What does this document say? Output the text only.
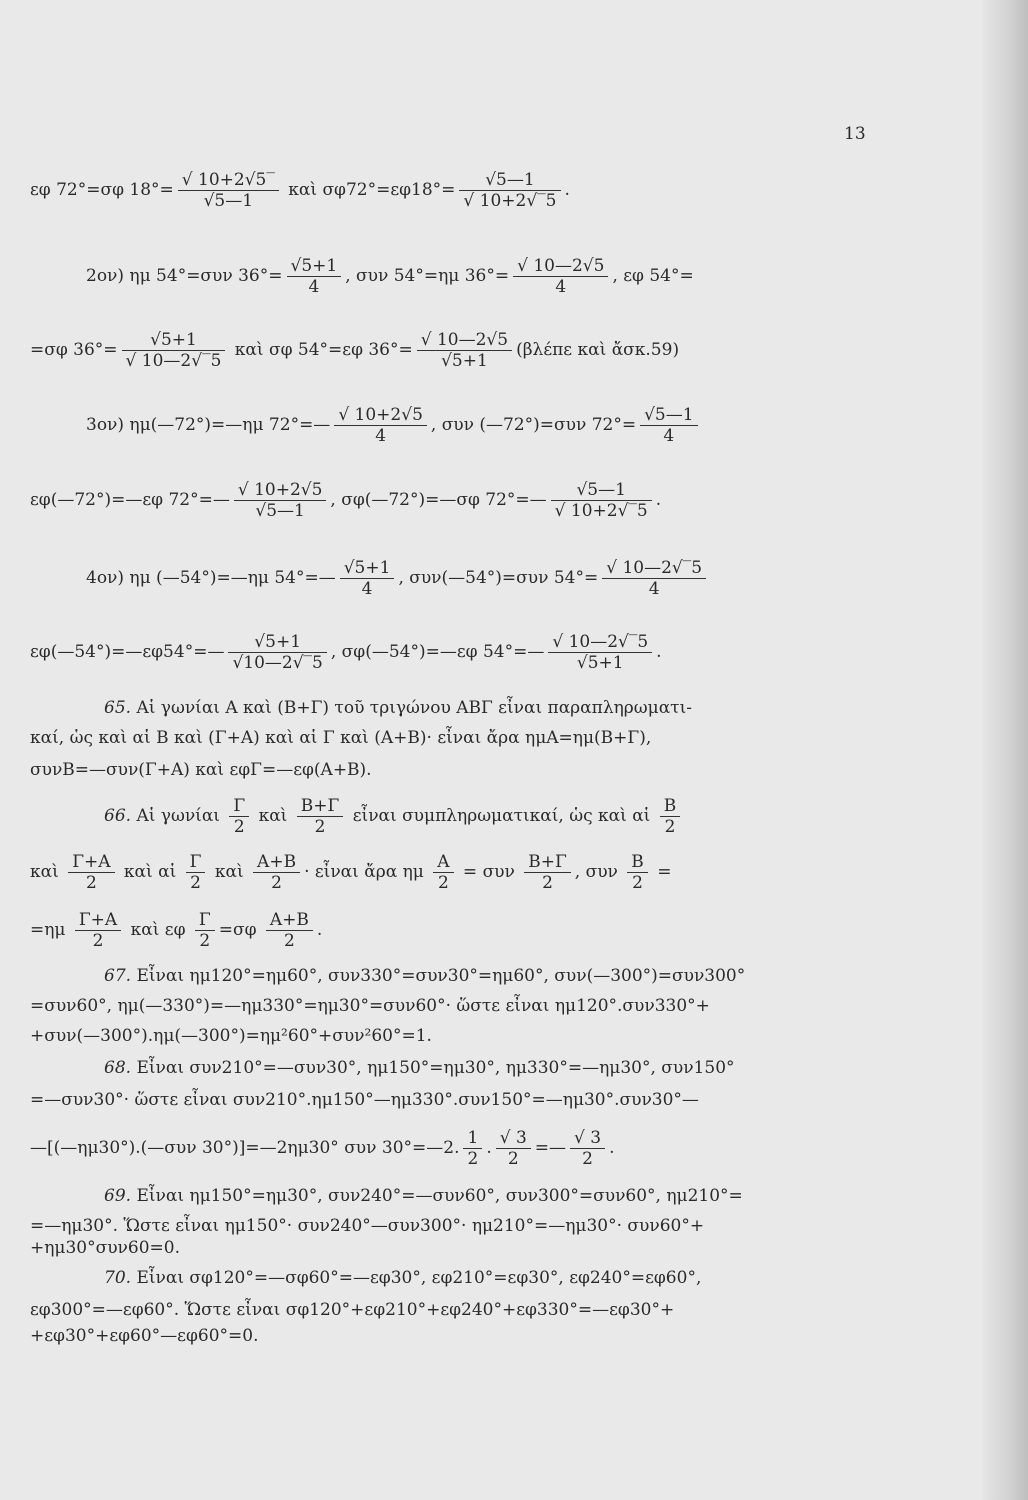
13
εφ 72°=σφ $18^\circ= \frac{√ 10+2√5‾}{√5—1}$ καὶ $\sigma\varphi 72^\circ=\varepsilon\varphi 18^\circ= \frac{√5—1}{√ 10+2√‾5}$ .
2ον) ημ 54°=συν $36^\circ= \frac{√5+1}{4}$ , συν 54°=ημ $36^\circ= \frac{√ 10—2√5}{4}$ , εφ 54°=
=σφ $36^\circ= \frac{√5+1}{√ 10—2√‾5}$ καὶ σφ 54°=εφ $36^\circ= \frac{√ 10—2√5}{√5+1} (\beta\lambda έ\pi\varepsilon$ καὶ ἄσκ.59)
3ον) ημ(—72°)=—ημ 72°=— $\frac{√ 10+2√5}{4}$ , συν (—72°)=συν $72^\circ= \frac{√5—1}{4}$
εφ(—72°)=—εφ 72°=— $\frac{√ 10+2√5}{√5—1}$ , σφ(—72°)=—σφ 72°=— $\frac{√5—1}{√ 10+2√‾5}$ .
4ον) ημ (—54°)=—ημ 54°=— $\frac{√5+1}{4}$ , συν(—54°)=συν $54^\circ= \frac{√ 10—2√‾5}{4}$
εφ(—54°)=—εφ54°=— $\frac{√5+1}{√10—2√‾5}$ , σφ(—54°)=—εφ 54°=— $\frac{√ 10—2√‾5}{√5+1}$ .
65. Αἱ γωνίαι Α καὶ (Β+Γ) τοῦ τριγώνου ΑΒΓ εἶναι παραπληρωματι-
καί, ὡς καὶ αἱ Β καὶ (Γ+Α) καὶ αἱ Γ καὶ (Α+Β)· εἶναι ἄρα ημΑ=ημ(Β+Γ),
συνΒ=—συν(Γ+Α) καὶ εφΓ=—εφ(Α+Β).
66. Αἱ γωνίαι $\frac{\Gamma}{2}$ καὶ $\frac{B+\Gamma}{2}$ εἶναι συμπληρωματικαί, ὡς καὶ αἱ $\frac{B}{2}$
καὶ $\frac{\Gamma+A}{2}$ καὶ αἱ $\frac{\Gamma}{2}$ καὶ $\frac{A+B}{2}$ · εἶναι ἄρα ημ $\frac{A}{2} = \sigma\upsilon\nu \frac{B+\Gamma}{2}$ , συν $\frac{B}{2}$ =
$=\eta\mu \frac{\Gamma+A}{2}$ καὶ εφ $\frac{\Gamma}{2} =\sigma\varphi \frac{A+B}{2}$ .
67. Εἶναι ημ120°=ημ60°, συν330°=συν30°=ημ60°, συν(—300°)=συν300°
=συν60°, ημ(—330°)=—ημ330°=ημ30°=συν60°· ὥστε εἶναι ημ120°.συν330°+
+συν(—300°).ημ(—300°)=ημ²60°+συν²60°=1.
68. Εἶναι συν210°=—συν30°, ημ150°=ημ30°, ημ330°=—ημ30°, συν150°
=—συν30°· ὥστε εἶναι συν210°.ημ150°—ημ330°.συν150°=—ημ30°.συν30°—
—[(—ημ30°).(—συν 30°)]=—2ημ30° συν 30°=—2. $\frac{1}{2}$ . $\frac{√ 3}{2}$ =— $\frac{√ 3}{2}$ .
69. Εἶναι ημ150°=ημ30°, συν240°=—συν60°, συν300°=συν60°, ημ210°=
=—ημ30°. Ὥστε εἶναι ημ150°· συν240°—συν300°· ημ210°=—ημ30°· συν60°+
+ημ30°συν60=0.
70. Εἶναι σφ120°=—σφ60°=—εφ30°, εφ210°=εφ30°, εφ240°=εφ60°,
εφ300°=—εφ60°. Ὥστε εἶναι σφ120°+εφ210°+εφ240°+εφ330°=—εφ30°+
+εφ30°+εφ60°—εφ60°=0.
